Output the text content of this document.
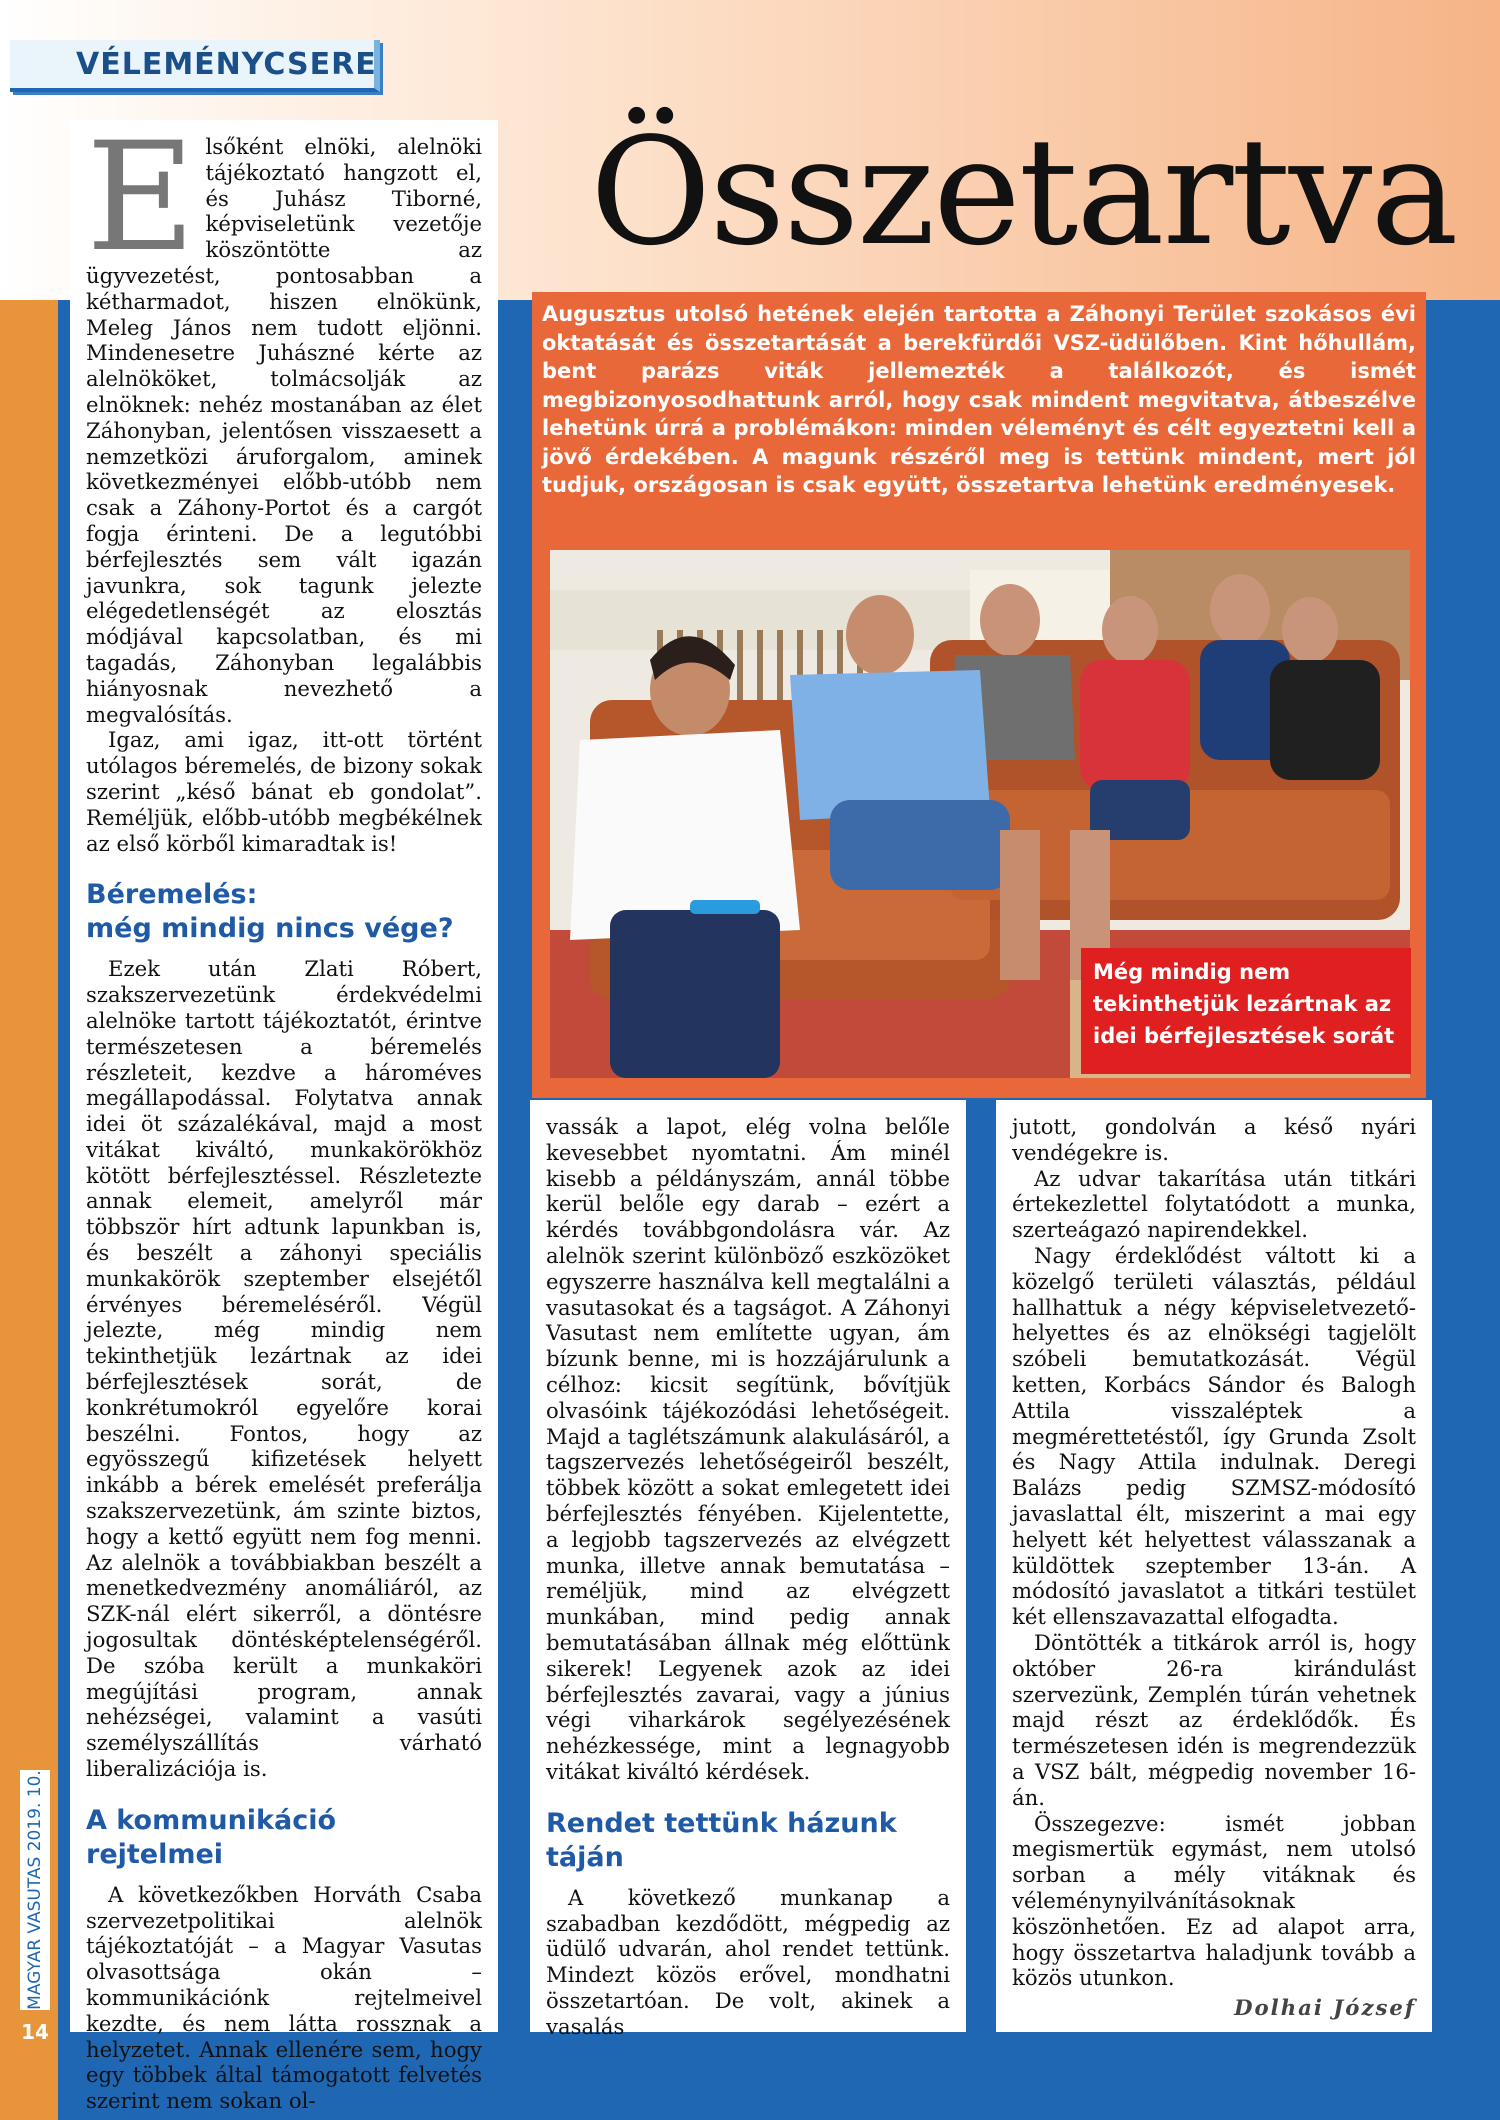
VÉLEMÉNYCSERE
Összetartva

Elsőként elnöki, alelnöki tájékoztató hangzott el, és Juhász Tiborné, képviseletünk vezetője köszöntötte az ügyvezetést, pontosabban a kétharmadot, hiszen elnökünk, Meleg János nem tudott eljönni. Mindenesetre Juhászné kérte az alelnököket, tolmácsolják az elnöknek: nehéz mostanában az élet Záhonyban, jelentősen visszaesett a nemzetközi áruforgalom, aminek következményei előbb-utóbb nem csak a Záhony-Portot és a cargót fogja érinteni. De a legutóbbi bérfejlesztés sem vált igazán javunkra, sok tagunk jelezte elégedetlenségét az elosztás módjával kapcsolatban, és mi tagadás, Záhonyban legalábbis hiányosnak nevezhető a megvalósítás.

Igaz, ami igaz, itt-ott történt utólagos béremelés, de bizony sokak szerint „késő bánat eb gondolat”. Reméljük, előbb-utóbb megbékélnek az első körből kimaradtak is!

Béremelés:
még mindig nincs vége?

Ezek után Zlati Róbert, szakszervezetünk érdekvédelmi alelnöke tartott tájékoztatót, érintve természetesen a béremelés részleteit, kezdve a hároméves megállapodással. Folytatva annak idei öt százalékával, majd a most vitákat kiváltó, munkakörökhöz kötött bérfejlesztéssel. Részletezte annak elemeit, amelyről már többször hírt adtunk lapunkban is, és beszélt a záhonyi speciális munkakörök szeptember elsejétől érvényes béremeléséről. Végül jelezte, még mindig nem tekinthetjük lezártnak az idei bérfejlesztések sorát, de konkrétumokról egyelőre korai beszélni. Fontos, hogy az egyösszegű kifizetések helyett inkább a bérek emelését preferálja szakszervezetünk, ám szinte biztos, hogy a kettő együtt nem fog menni. Az alelnök a továbbiakban beszélt a menetkedvezmény anomáliáról, az SZK-nál elért sikerről, a döntésre jogosultak döntésképtelenségéről. De szóba került a munkaköri megújítási program, annak nehézségei, valamint a vasúti személyszállítás várható liberalizációja is.

A kommunikáció rejtelmei

A következőkben Horváth Csaba szervezetpolitikai alelnök tájékoztatóját – a Magyar Vasutas olvasottsága okán – kommunikációnk rejtelmeivel kezdte, és nem látta rossznak a helyzetet. Annak ellenére sem, hogy egy többek által támogatott felvetés szerint nem sokan ol-

Augusztus utolsó hetének elején tartotta a Záhonyi Terület szokásos évi oktatását és összetartását a berekfürdői VSZ-üdülőben. Kint hőhullám, bent parázs viták jellemezték a találkozót, és ismét megbizonyosodhattunk arról, hogy csak mindent megvitatva, átbeszélve lehetünk úrrá a problémákon: minden véleményt és célt egyeztetni kell a jövő érdekében. A magunk részéről meg is tettünk mindent, mert jól tudjuk, országosan is csak együtt, összetartva lehetünk eredményesek.
Még mindig nem tekinthetjük lezártnak az idei bérfejlesztések sorát

vassák a lapot, elég volna belőle kevesebbet nyomtatni. Ám minél kisebb a példányszám, annál többe kerül belőle egy darab – ezért a kérdés továbbgondolásra vár. Az alelnök szerint különböző eszközöket egyszerre használva kell megtalálni a vasutasokat és a tagságot. A Záhonyi Vasutast nem említette ugyan, ám bízunk benne, mi is hozzájárulunk a célhoz: kicsit segítünk, bővítjük olvasóink tájékozódási lehetőségeit. Majd a taglétszámunk alakulásáról, a tagszervezés lehetőségeiről beszélt, többek között a sokat emlegetett idei bérfejlesztés fényében. Kijelentette, a legjobb tagszervezés az elvégzett munka, illetve annak bemutatása – reméljük, mind az elvégzett munkában, mind pedig annak bemutatásában állnak még előttünk sikerek! Legyenek azok az idei bérfejlesztés zavarai, vagy a június végi viharkárok segélyezésének nehézkessége, mint a legnagyobb vitákat kiváltó kérdések.

Rendet tettünk házunk táján

A következő munkanap a szabadban kezdődött, mégpedig az üdülő udvarán, ahol rendet tettünk. Mindezt közös erővel, mondhatni összetartóan. De volt, akinek a vasalás

jutott, gondolván a késő nyári vendégekre is.

Az udvar takarítása után titkári értekezlettel folytatódott a munka, szerteágazó napirendekkel.

Nagy érdeklődést váltott ki a közelgő területi választás, például hallhattuk a négy képviseletvezető-helyettes és az elnökségi tagjelölt szóbeli bemutatkozását. Végül ketten, Korbács Sándor és Balogh Attila visszaléptek a megmérettetéstől, így Grunda Zsolt és Nagy Attila indulnak. Deregi Balázs pedig SZMSZ-módosító javaslattal élt, miszerint a mai egy helyett két helyettest válasszanak a küldöttek szeptember 13-án. A módosító javaslatot a titkári testület két ellenszavazattal elfogadta.

Döntötték a titkárok arról is, hogy október 26-ra kirándulást szervezünk, Zemplén túrán vehetnek majd részt az érdeklődők. És természetesen idén is megrendezzük a VSZ bált, mégpedig november 16-án.

Összegezve: ismét jobban megismertük egymást, nem utolsó sorban a mély vitáknak és véleménynyilvánításoknak köszönhetően. Ez ad alapot arra, hogy összetartva haladjunk tovább a közös utunkon.

Dolhai József
MAGYAR VASUTAS 2019. 10.
14
